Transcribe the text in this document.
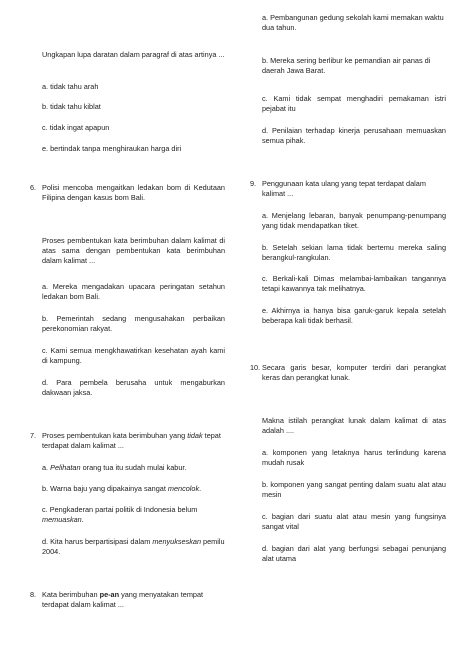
Ungkapan lupa daratan dalam paragraf di atas artinya ...

a. tidak tahu arah

b. tidak tahu kiblat

c. tidak ingat apapun

e. bertindak tanpa menghiraukan harga diri

6. Polisi mencoba mengaitkan ledakan bom di Kedutaan Filipina dengan kasus bom Bali.

Proses pembentukan kata berimbuhan dalam kalimat di atas sama dengan pembentukan kata berimbuhan dalam kalimat ...

a. Mereka mengadakan upacara peringatan setahun ledakan bom Bali.

b. Pemerintah sedang mengusahakan perbaikan perekonomian rakyat.

c. Kami semua mengkhawatirkan kesehatan ayah kami di kampung.

d. Para pembela berusaha untuk mengaburkan dakwaan jaksa.

7. Proses pembentukan kata berimbuhan yang tidak tepat terdapat dalam kalimat ...

a. Pelihatan orang tua itu sudah mulai kabur.

b. Warna baju yang dipakainya sangat mencolok.

c. Pengkaderan partai politik di Indonesia belum memuaskan.

d. Kita harus berpartisipasi dalam menyukseskan pemilu 2004.

8. Kata berimbuhan pe-an yang menyatakan tempat terdapat dalam kalimat ...

a. Pembangunan gedung sekolah kami memakan waktu dua tahun.

b. Mereka sering berlibur ke pemandian air panas di daerah Jawa Barat.

c. Kami tidak sempat menghadiri pemakaman istri pejabat itu

d. Penilaian terhadap kinerja perusahaan memuaskan semua pihak.

9. Penggunaan kata ulang yang tepat terdapat dalam kalimat ...

a. Menjelang lebaran, banyak penumpang-penumpang yang tidak mendapatkan tiket.

b. Setelah sekian lama tidak bertemu mereka saling berangkul-rangkulan.

c. Berkali-kali Dimas melambai-lambaikan tangannya tetapi kawannya tak melihatnya.

e. Akhirnya ia hanya bisa garuk-garuk kepala setelah beberapa kali tidak berhasil.

10. Secara garis besar, komputer terdiri dari perangkat keras dan perangkat lunak.

Makna istilah perangkat lunak dalam kalimat di atas adalah ....

a. komponen yang letaknya harus terlindung karena mudah rusak

b. komponen yang sangat penting dalam suatu alat atau mesin

c. bagian dari suatu alat atau mesin yang fungsinya sangat vital

d. bagian dari alat yang berfungsi sebagai penunjang alat utama
